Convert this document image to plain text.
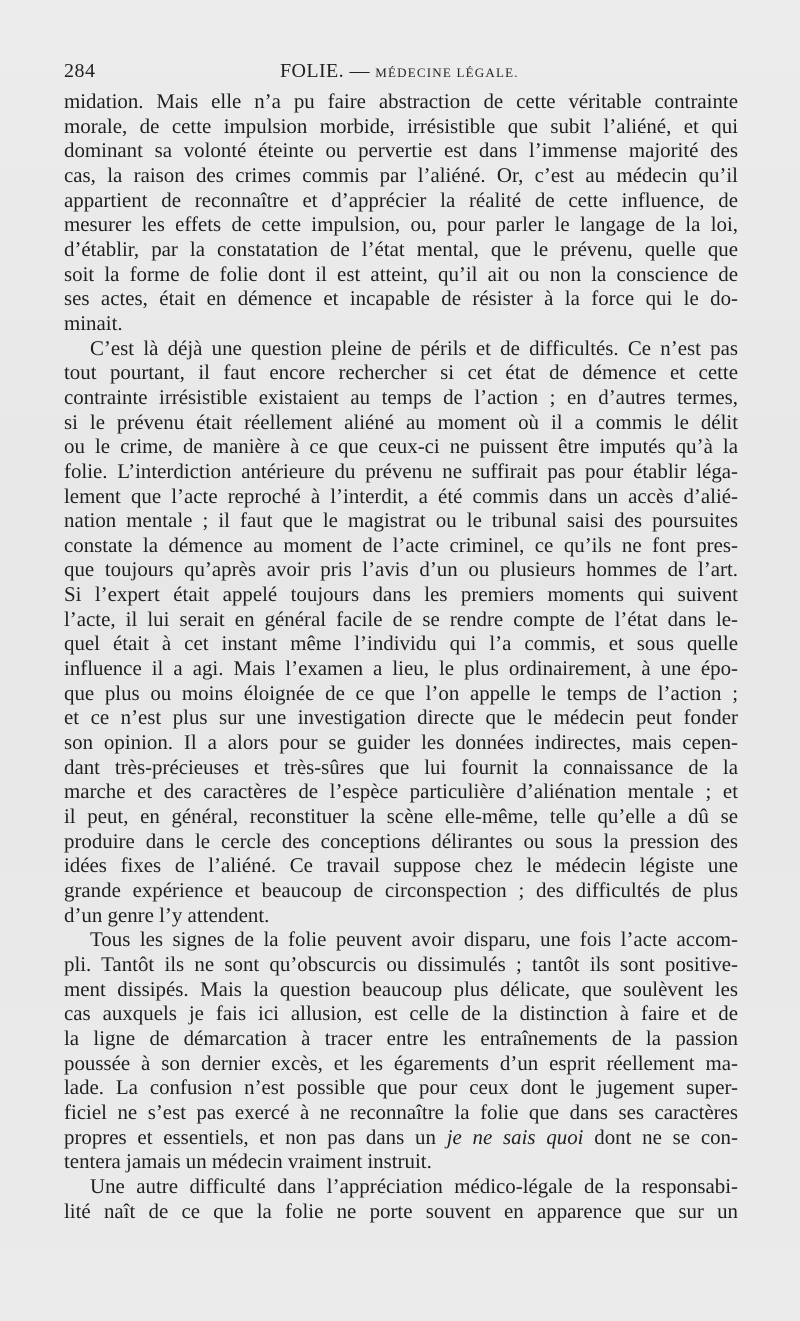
284	FOLIE. — MÉDECINE LÉGALE.
midation. Mais elle n’a pu faire abstraction de cette véritable contrainte
morale, de cette impulsion morbide, irrésistible que subit l’aliéné, et qui
dominant sa volonté éteinte ou pervertie est dans l’immense majorité des
cas, la raison des crimes commis par l’aliéné. Or, c’est au médecin qu’il
appartient de reconnaître et d’apprécier la réalité de cette influence, de
mesurer les effets de cette impulsion, ou, pour parler le langage de la loi,
d’établir, par la constatation de l’état mental, que le prévenu, quelle que
soit la forme de folie dont il est atteint, qu’il ait ou non la conscience de
ses actes, était en démence et incapable de résister à la force qui le do-
minait.
C’est là déjà une question pleine de périls et de difficultés. Ce n’est pas
tout pourtant, il faut encore rechercher si cet état de démence et cette
contrainte irrésistible existaient au temps de l’action ; en d’autres termes,
si le prévenu était réellement aliéné au moment où il a commis le délit
ou le crime, de manière à ce que ceux-ci ne puissent être imputés qu’à la
folie. L’interdiction antérieure du prévenu ne suffirait pas pour établir léga-
lement que l’acte reproché à l’interdit, a été commis dans un accès d’alié-
nation mentale ; il faut que le magistrat ou le tribunal saisi des poursuites
constate la démence au moment de l’acte criminel, ce qu’ils ne font pres-
que toujours qu’après avoir pris l’avis d’un ou plusieurs hommes de l’art.
Si l’expert était appelé toujours dans les premiers moments qui suivent
l’acte, il lui serait en général facile de se rendre compte de l’état dans le-
quel était à cet instant même l’individu qui l’a commis, et sous quelle
influence il a agi. Mais l’examen a lieu, le plus ordinairement, à une épo-
que plus ou moins éloignée de ce que l’on appelle le temps de l’action ;
et ce n’est plus sur une investigation directe que le médecin peut fonder
son opinion. Il a alors pour se guider les données indirectes, mais cepen-
dant très-précieuses et très-sûres que lui fournit la connaissance de la
marche et des caractères de l’espèce particulière d’aliénation mentale ; et
il peut, en général, reconstituer la scène elle-même, telle qu’elle a dû se
produire dans le cercle des conceptions délirantes ou sous la pression des
idées fixes de l’aliéné. Ce travail suppose chez le médecin légiste une
grande expérience et beaucoup de circonspection ; des difficultés de plus
d’un genre l’y attendent.
Tous les signes de la folie peuvent avoir disparu, une fois l’acte accom-
pli. Tantôt ils ne sont qu’obscurcis ou dissimulés ; tantôt ils sont positive-
ment dissipés. Mais la question beaucoup plus délicate, que soulèvent les
cas auxquels je fais ici allusion, est celle de la distinction à faire et de
la ligne de démarcation à tracer entre les entraînements de la passion
poussée à son dernier excès, et les égarements d’un esprit réellement ma-
lade. La confusion n’est possible que pour ceux dont le jugement super-
ficiel ne s’est pas exercé à ne reconnaître la folie que dans ses caractères
propres et essentiels, et non pas dans un je ne sais quoi dont ne se con-
tentera jamais un médecin vraiment instruit.
Une autre difficulté dans l’appréciation médico-légale de la responsabi-
lité naît de ce que la folie ne porte souvent en apparence que sur un
